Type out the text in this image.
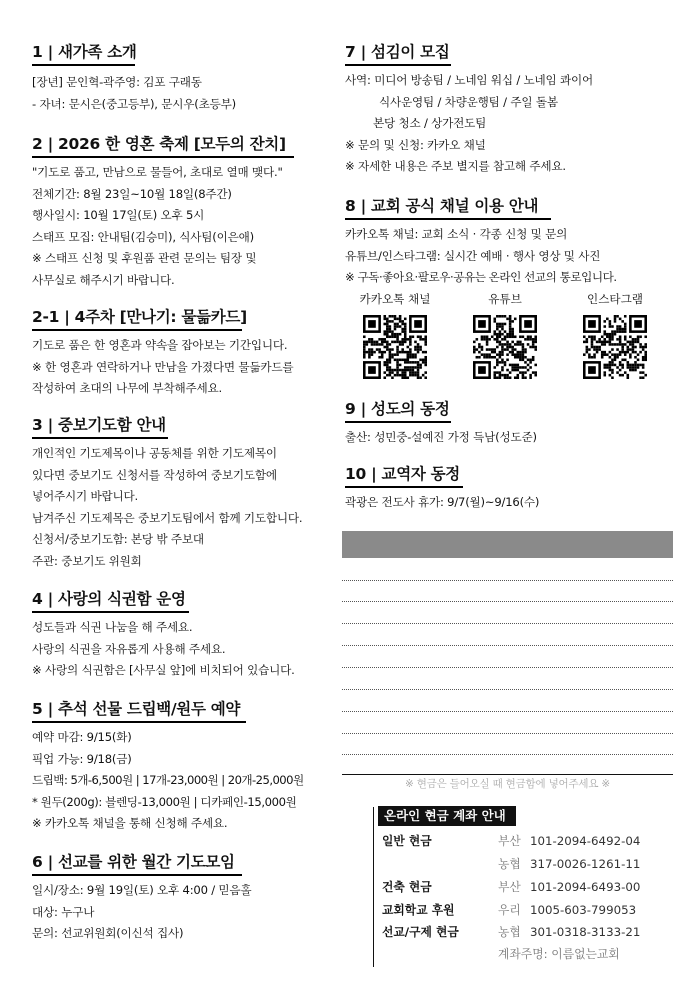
1 | 새가족 소개
[장년] 문인혁-곽주영: 김포 구래동
- 자녀: 문시은(중고등부), 문시우(초등부)
2 | 2026 한 영혼 축제 [모두의 잔치]
"기도로 품고, 만남으로 물들어, 초대로 열매 맺다."
전체기간: 8월 23일~10월 18일(8주간)
행사일시: 10월 17일(토) 오후 5시
스태프 모집: 안내팀(김승미), 식사팀(이은애)
※ 스태프 신청 및 후원품 관련 문의는 팀장 및
사무실로 해주시기 바랍니다.
2-1 | 4주차 [만나기: 물듦카드]
기도로 품은 한 영혼과 약속을 잡아보는 기간입니다.
※ 한 영혼과 연락하거나 만남을 가졌다면 물듦카드를
작성하여 초대의 나무에 부착해주세요.
3 | 중보기도함 안내
개인적인 기도제목이나 공동체를 위한 기도제목이
있다면 중보기도 신청서를 작성하여 중보기도함에
넣어주시기 바랍니다.
남겨주신 기도제목은 중보기도팀에서 함께 기도합니다.
신청서/중보기도함: 본당 밖 주보대
주관: 중보기도 위원회
4 | 사랑의 식권함 운영
성도들과 식권 나눔을 해 주세요.
사랑의 식권을 자유롭게 사용해 주세요.
※ 사랑의 식권함은 [사무실 앞]에 비치되어 있습니다.
5 | 추석 선물 드립백/원두 예약
예약 마감: 9/15(화)
픽업 가능: 9/18(금)
드립백: 5개-6,500원 | 17개-23,000원 | 20개-25,000원
* 원두(200g): 블렌딩-13,000원 | 디카페인-15,000원
※ 카카오톡 채널을 통해 신청해 주세요.
6 | 선교를 위한 월간 기도모임
일시/장소: 9월 19일(토) 오후 4:00 / 믿음홀
대상: 누구나
문의: 선교위원회(이신석 집사)
7 | 섬김이 모집
사역: 미디어 방송팀 / 노네임 워십 / 노네임 콰이어
식사운영팀 / 차량운행팀 / 주일 돌봄
본당 청소 / 상가전도팀
※ 문의 및 신청: 카카오 채널
※ 자세한 내용은 주보 별지를 참고해 주세요.
8 | 교회 공식 채널 이용 안내
카카오톡 채널: 교회 소식 · 각종 신청 및 문의
유튜브/인스타그램: 실시간 예배 · 행사 영상 및 사진
※ 구독·좋아요·팔로우·공유는 온라인 선교의 통로입니다.
카카오톡 채널	유튜브	인스타그램
9 | 성도의 동정
출산: 성민중-설예진 가정 득남(성도준)
10 | 교역자 동정
곽광은 전도사 휴가: 9/7(월)~9/16(수)
※ 현금은 들어오실 때 현금함에 넣어주세요 ※
온라인 현금 계좌 안내
일반 현금	부산 101-2094-6492-04
농협 317-0026-1261-11
건축 현금	부산 101-2094-6493-00
교회학교 후원	우리 1005-603-799053
선교/구제 현금	농협 301-0318-3133-21
계좌주명: 이름없는교회
